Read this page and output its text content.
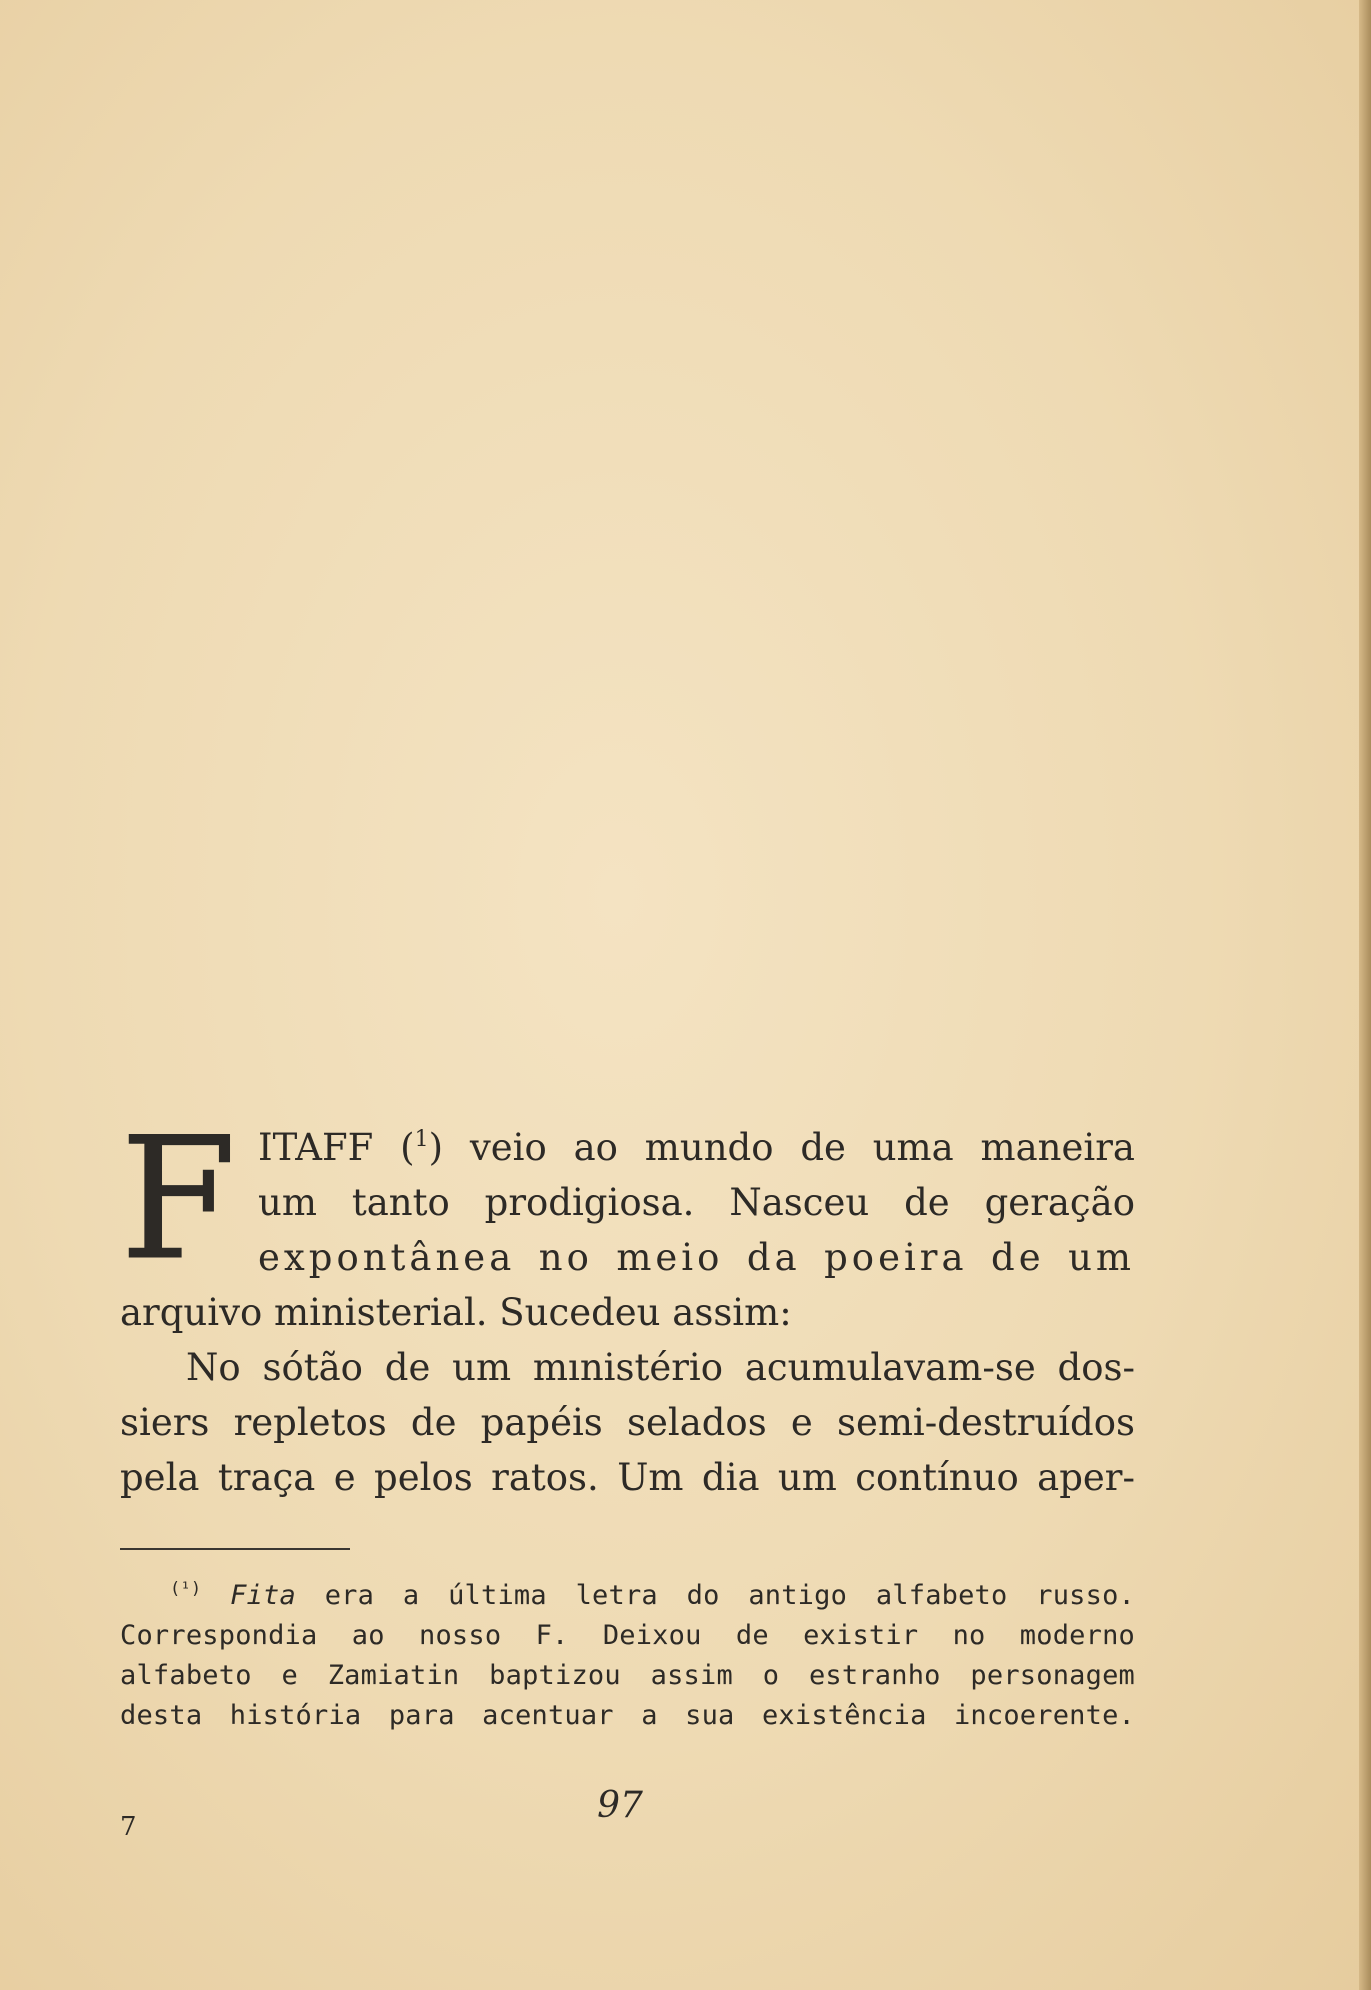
F ITAFF ($^1$) veio ao mundo de uma maneira
um tanto prodigiosa. Nasceu de geração
expontânea no meio da poeira de um
arquivo ministerial. Sucedeu assim:
No sótão de um mınistério acumulavam-se dos-
siers repletos de papéis selados e semi-destruídos
pela traça e pelos ratos. Um dia um contínuo aper-
$^{(^1)}$ Fita era a última letra do antigo alfabeto russo.
Correspondia ao nosso F. Deixou de existir no moderno
alfabeto e Zamiatin baptizou assim o estranho personagem
desta história para acentuar a sua existência incoerente.
97
7
